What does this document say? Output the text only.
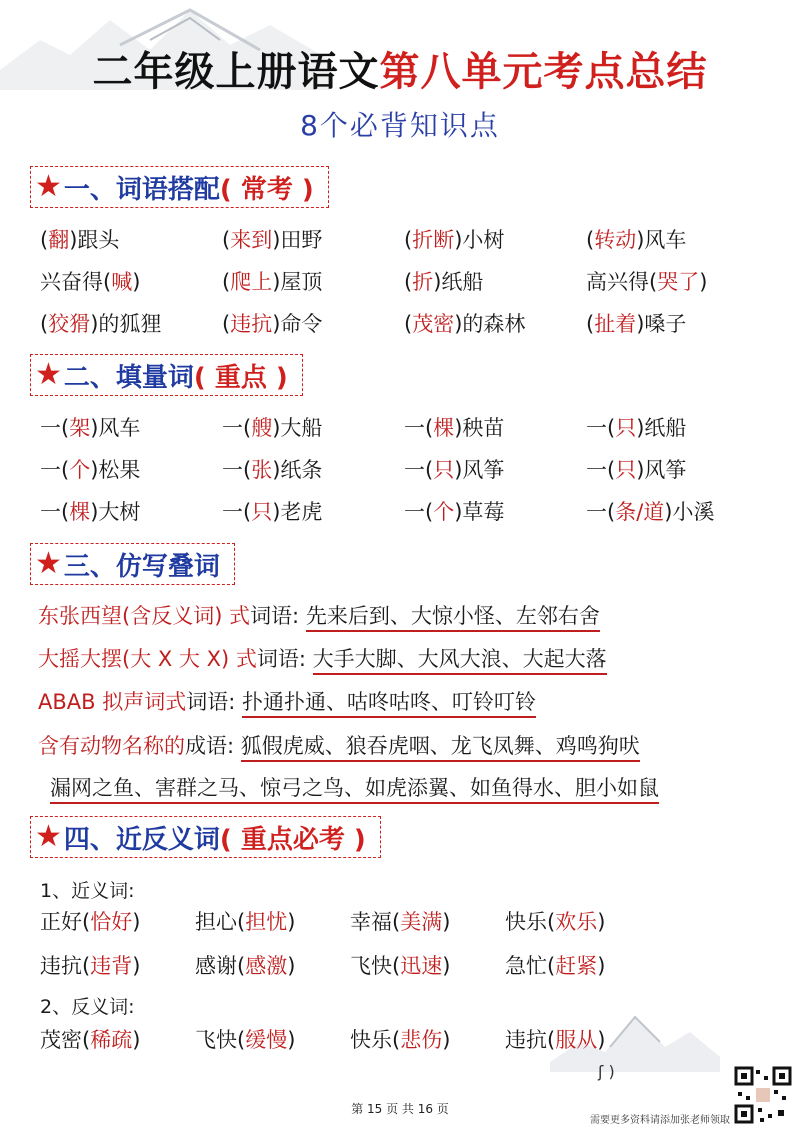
二年级上册语文第八单元考点总结
8个必背知识点
★ 一、词语搭配 ( 常考 )
(翻)跟头	(来到)田野	(折断)小树	(转动)风车
兴奋得(喊)	(爬上)屋顶	(折)纸船	高兴得(哭了)
(狡猾)的狐狸	(违抗)命令	(茂密)的森林	(扯着)嗓子
★ 二、填量词 ( 重点 )
一(架)风车	一(艘)大船	一(棵)秧苗	一(只)纸船
一(个)松果	一(张)纸条	一(只)风筝	一(只)风筝
一(棵)大树	一(只)老虎	一(个)草莓	一(条/道)小溪
★ 三、仿写叠词
东张西望(含反义词) 式词语: 先来后到、大惊小怪、左邻右舍
大摇大摆(大 X 大 X) 式词语: 大手大脚、大风大浪、大起大落
ABAB 拟声词式词语: 扑通扑通、咕咚咕咚、叮铃叮铃
含有动物名称的成语: 狐假虎威、狼吞虎咽、龙飞凤舞、鸡鸣狗吠
漏网之鱼、害群之马、惊弓之鸟、如虎添翼、如鱼得水、胆小如鼠
★ 四、近反义词 ( 重点必考 )
1、近义词:
正好(恰好)	担心(担忧)	幸福(美满)	快乐(欢乐)
违抗(违背)	感谢(感激)	飞快(迅速)	急忙(赶紧)
2、反义词:
茂密(稀疏)	飞快(缓慢)	快乐(悲伤)	违抗(服从)
ʃ )
第 15 页 共 16 页
需要更多资料请添加张老师领取
